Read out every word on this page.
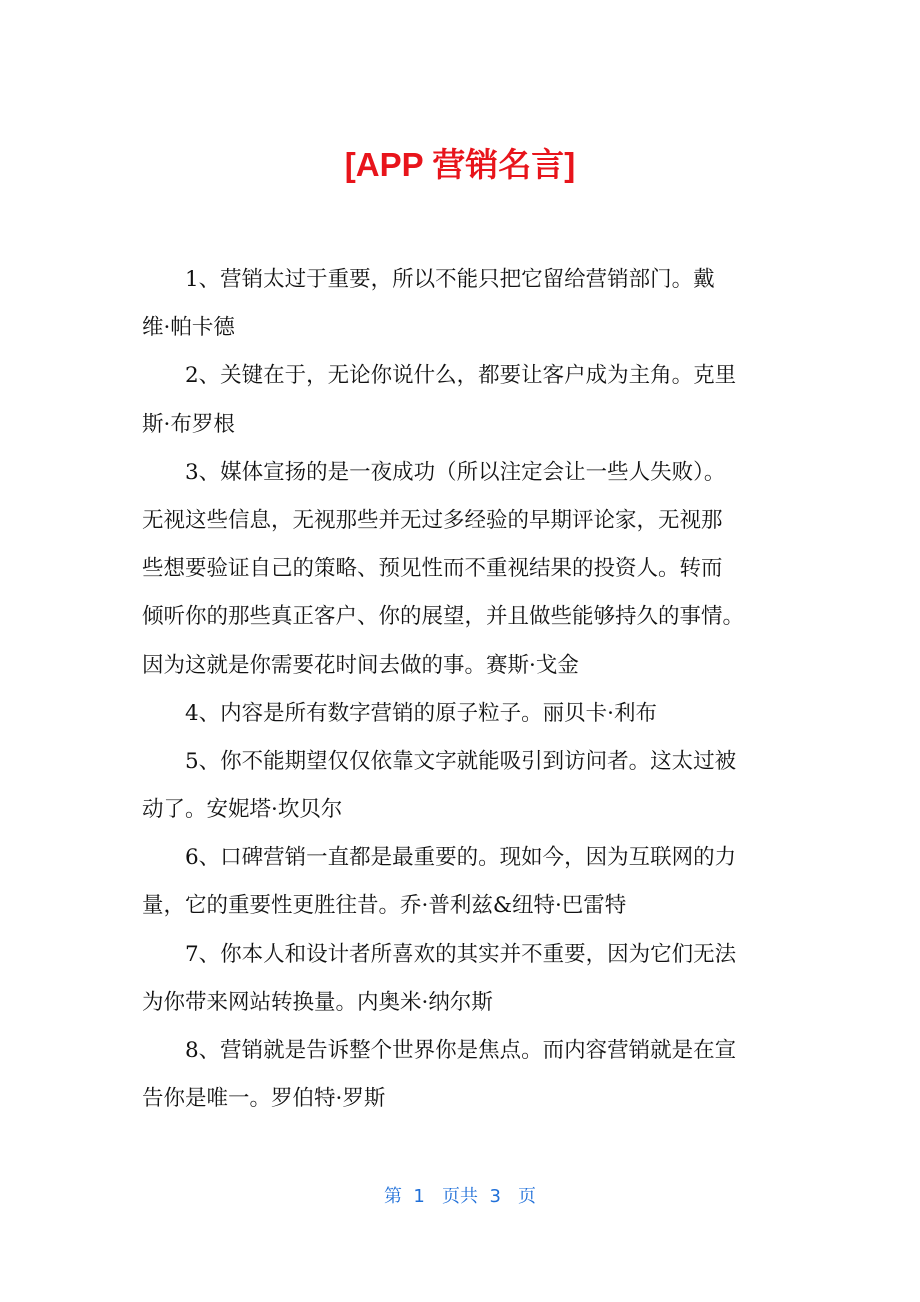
[APP 营销名言]
1、营销太过于重要，所以不能只把它留给营销部门。戴
维·帕卡德
2、关键在于，无论你说什么，都要让客户成为主角。克里
斯·布罗根
3、媒体宣扬的是一夜成功（所以注定会让一些人失败）。
无视这些信息，无视那些并无过多经验的早期评论家，无视那
些想要验证自己的策略、预见性而不重视结果的投资人。转而
倾听你的那些真正客户、你的展望，并且做些能够持久的事情。
因为这就是你需要花时间去做的事。赛斯·戈金
4、内容是所有数字营销的原子粒子。丽贝卡·利布
5、你不能期望仅仅依靠文字就能吸引到访问者。这太过被
动了。安妮塔·坎贝尔
6、口碑营销一直都是最重要的。现如今，因为互联网的力
量，它的重要性更胜往昔。乔·普利兹&纽特·巴雷特
7、你本人和设计者所喜欢的其实并不重要，因为它们无法
为你带来网站转换量。内奥米·纳尔斯
8、营销就是告诉整个世界你是焦点。而内容营销就是在宣
告你是唯一。罗伯特·罗斯
第  1   页共  3   页
